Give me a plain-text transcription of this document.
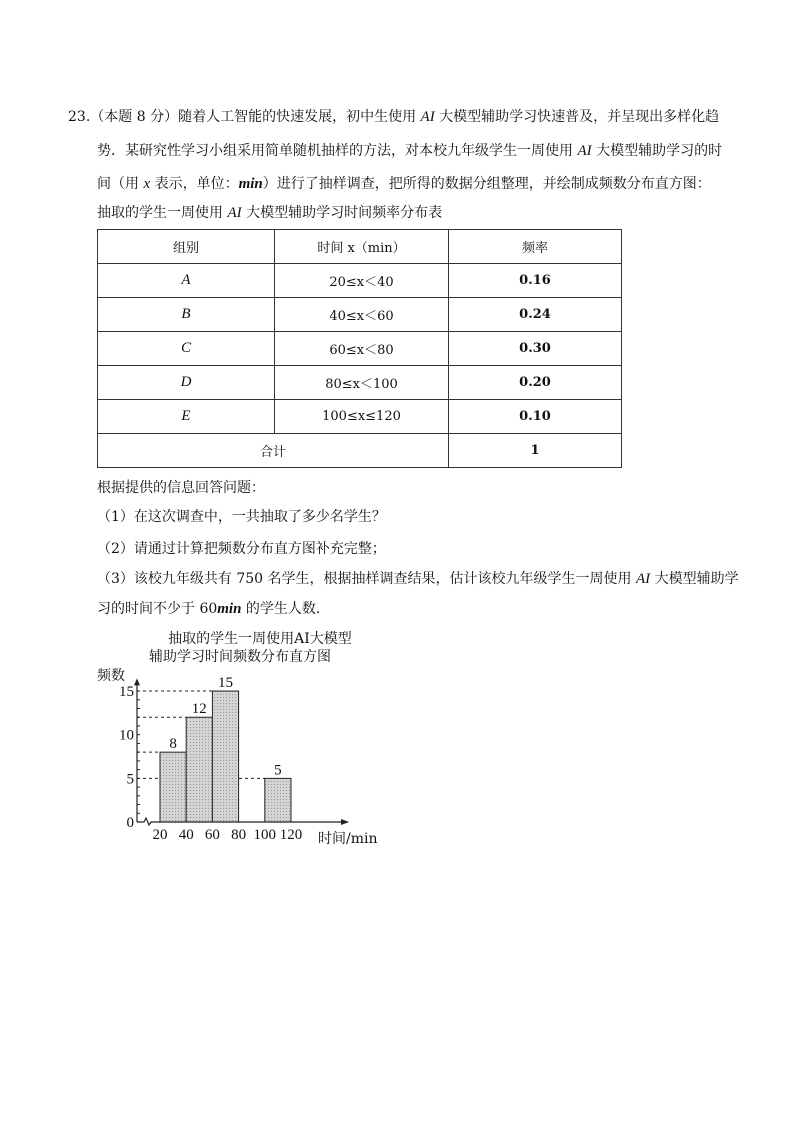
23.（本题 8 分）随着人工智能的快速发展，初中生使用 AI 大模型辅助学习快速普及，并呈现出多样化趋
势．某研究性学习小组采用简单随机抽样的方法，对本校九年级学生一周使用 AI 大模型辅助学习的时
间（用 x 表示，单位：min）进行了抽样调查，把所得的数据分组整理，并绘制成频数分布直方图：
抽取的学生一周使用 AI 大模型辅助学习时间频率分布表
组别	时间 x（min）	频率
A	20≤x＜40	0.16
B	40≤x＜60	0.24
C	60≤x＜80	0.30
D	80≤x＜100	0.20
E	100≤x≤120	0.10
合计		1
根据提供的信息回答问题：
（1）在这次调查中，一共抽取了多少名学生？
（2）请通过计算把频数分布直方图补充完整；
（3）该校九年级共有 750 名学生，根据抽样调查结果，估计该校九年级学生一周使用 AI 大模型辅助学
习的时间不少于 60min 的学生人数．
抽取的学生一周使用AI大模型
辅助学习时间频数分布直方图
频数
时间/min
8
12
15
5
0
5
10
15
20 40 60 80 100 120
